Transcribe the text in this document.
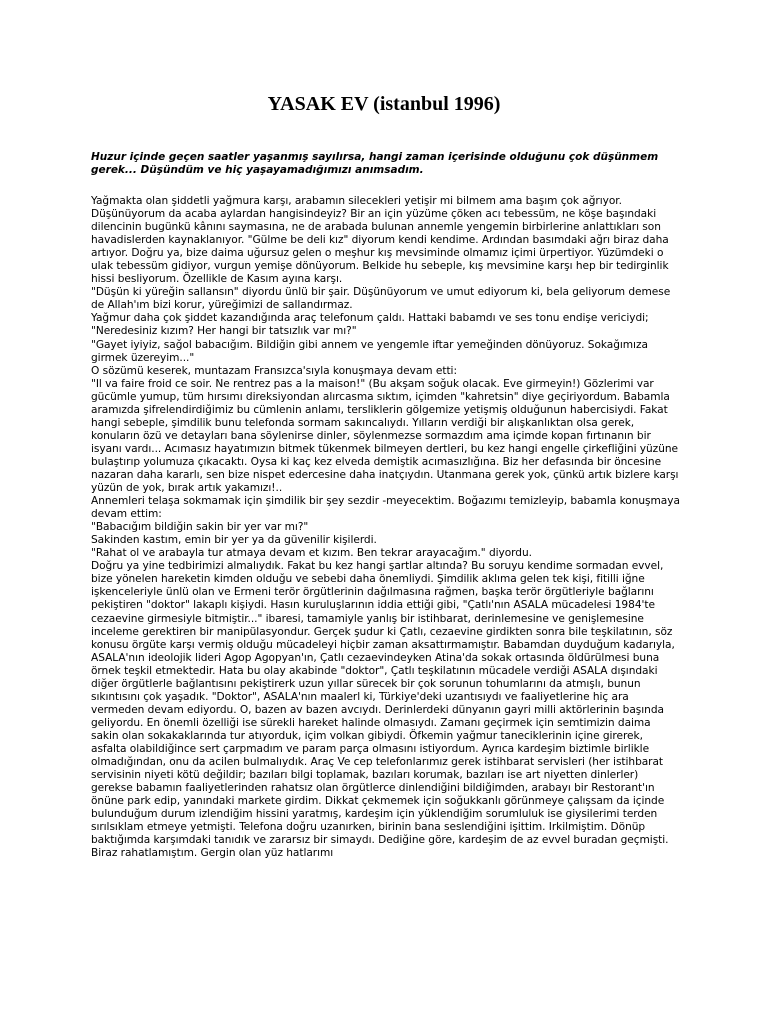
YASAK EV (istanbul 1996)

Huzur içinde geçen saatler yaşanmış sayılırsa, hangi zaman içerisinde olduğunu çok düşünmem gerek... Düşündüm ve hiç yaşayamadığımızı anımsadım.

Yağmakta olan şiddetli yağmura karşı, arabamın silecekleri yetişir mi bilmem ama başım çok ağrıyor. Düşünüyorum da acaba aylardan hangisindeyiz? Bir an için yüzüme çöken acı tebessüm, ne köşe başındaki dilencinin bugünkü kânını saymasına, ne de arabada bulunan annemle yengemin birbirlerine anlattıkları son havadislerden kaynaklanıyor. "Gülme be deli kız" diyorum kendi kendime. Ardından basımdaki ağrı biraz daha artıyor. Doğru ya, bize daima uğursuz gelen o meşhur kış mevsiminde olmamız içimi ürpertiyor. Yüzümdeki o ulak tebessüm gidiyor, vurgun yemişe dönüyorum. Belkide hu sebeple, kış mevsimine karşı hep bir tedirginlik hissi besliyorum. Özellikle de Kasım ayına karşı.

"Düşün ki yüreğin sallansın" diyordu ünlü bir şair. Düşünüyorum ve umut ediyorum ki, bela geliyorum demese de Allah'ım bizi korur, yüreğimizi de sallandırmaz.

Yağmur daha çok şiddet kazandığında araç telefonum çaldı. Hattaki babamdı ve ses tonu endişe vericiydi;

"Neredesiniz kızım? Her hangi bir tatsızlık var mı?"

"Gayet iyiyiz, sağol babacığım. Bildiğin gibi annem ve yengemle iftar yemeğinden dönüyoruz. Sokağımıza girmek üzereyim..."

O sözümü keserek, muntazam Fransızca'sıyla konuşmaya devam etti:

"Il va faire froid ce soir. Ne rentrez pas a la maison!" (Bu akşam soğuk olacak. Eve girmeyin!) Gözlerimi var gücümle yumup, tüm hırsımı direksiyondan alırcasma sıktım, içimden "kahretsin" diye geçiriyordum. Babamla aramızda şifrelendirdiğimiz bu cümlenin anlamı, tersliklerin gölgemize yetişmiş olduğunun habercisiydi. Fakat hangi sebeple, şimdilik bunu telefonda sormam sakıncalıydı. Yılların verdiği bir alışkanlıktan olsa gerek, konuların özü ve detayları bana söylenirse dinler, söylenmezse sormazdım ama içimde kopan fırtınanın bir isyanı vardı... Acımasız hayatımızın bitmek tükenmek bilmeyen dertleri, bu kez hangi engelle çirkefliğini yüzüne bulaştırıp yolumuza çıkacaktı. Oysa ki kaç kez elveda demiştik acımasızlığına. Biz her defasında bir öncesine nazaran daha kararlı, sen bize nispet edercesine daha inatçıydın. Utanmana gerek yok, çünkü artık bizlere karşı yüzün de yok, bırak artık yakamızı!..

Annemleri telaşa sokmamak için şimdilik bir şey sezdir -meyecektim. Boğazımı temizleyip, babamla konuşmaya devam ettim:

"Babacığım bildiğin sakin bir yer var mı?"

Sakinden kastım, emin bir yer ya da güvenilir kişilerdi.

"Rahat ol ve arabayla tur atmaya devam et kızım. Ben tekrar arayacağım." diyordu.

Doğru ya yine tedbirimizi almalıydık. Fakat bu kez hangi şartlar altında? Bu soruyu kendime sormadan evvel, bize yönelen hareketin kimden olduğu ve sebebi daha önemliydi. Şimdilik aklıma gelen tek kişi, fitilli iğne işkenceleriyle ünlü olan ve Ermeni terör örgütlerinin dağılmasına rağmen, başka terör örgütleriyle bağlarını pekiştiren "doktor" lakaplı kişiydi. Hasın kuruluşlarının iddia ettiği gibi, "Çatlı'nın ASALA mücadelesi 1984'te cezaevine girmesiyle bitmiştir..." ibaresi, tamamiyle yanlış bir istihbarat, derinlemesine ve genişlemesine inceleme gerektiren bir manipülasyondur. Gerçek şudur ki Çatlı, cezaevine girdikten sonra bile teşkilatının, söz konusu örgüte karşı vermiş olduğu mücadeleyi hiçbir zaman aksattırmamıştır. Babamdan duyduğum kadarıyla, ASALA'nın ideolojik lideri Agop Agopyan'ın, Çatlı cezaevindeyken Atina'da sokak ortasında öldürülmesi buna örnek teşkil etmektedir. Hata bu olay akabinde "doktor", Çatlı teşkilatının mücadele verdiği ASALA dışındaki diğer örgütlerle bağlantısını pekiştirerk uzun yıllar sürecek bir çok sorunun tohumlarını da atmışlı, bunun sıkıntısını çok yaşadık. "Doktor", ASALA'nın maalerl ki, Türkiye'deki uzantısıydı ve faaliyetlerine hiç ara vermeden devam ediyordu. O, bazen av bazen avcıydı. Derinlerdeki dünyanın gayri milli aktörlerinin başında geliyordu. En önemli özelliği ise sürekli hareket halinde olmasıydı. Zamanı geçirmek için semtimizin daima sakin olan sokakaklarında tur atıyorduk, içim volkan gibiydi. Öfkemin yağmur taneciklerinin içine girerek, asfalta olabildiğince sert çarpmadım ve param parça olmasını istiyordum. Ayrıca kardeşim biztimle birlikle olmadığından, onu da acilen bulmalıydık. Araç Ve cep telefonlarımız gerek istihbarat servisleri (her istihbarat servisinin niyeti kötü değildir; bazıları bilgi toplamak, bazıları korumak, bazıları ise art niyetten dinlerler) gerekse babamın faaliyetlerinden rahatsız olan örgütlerce dinlendiğini bildiğimden, arabayı bir Restorant'ın önüne park edip, yanındaki markete girdim. Dikkat çekmemek için soğukkanlı görünmeye çalışsam da içinde bulunduğum durum izlendiğim hissini yaratmış, kardeşim için yüklendiğim sorumluluk ise giysilerimi terden sırılsıklam etmeye yetmişti. Telefona doğru uzanırken, birinin bana seslendiğini işittim. Irkilmiştim. Dönüp baktığımda karşımdaki tanıdık ve zararsız bir simaydı. Dediğine göre, kardeşim de az evvel buradan geçmişti. Biraz rahatlamıştım. Gergin olan yüz hatlarımı
